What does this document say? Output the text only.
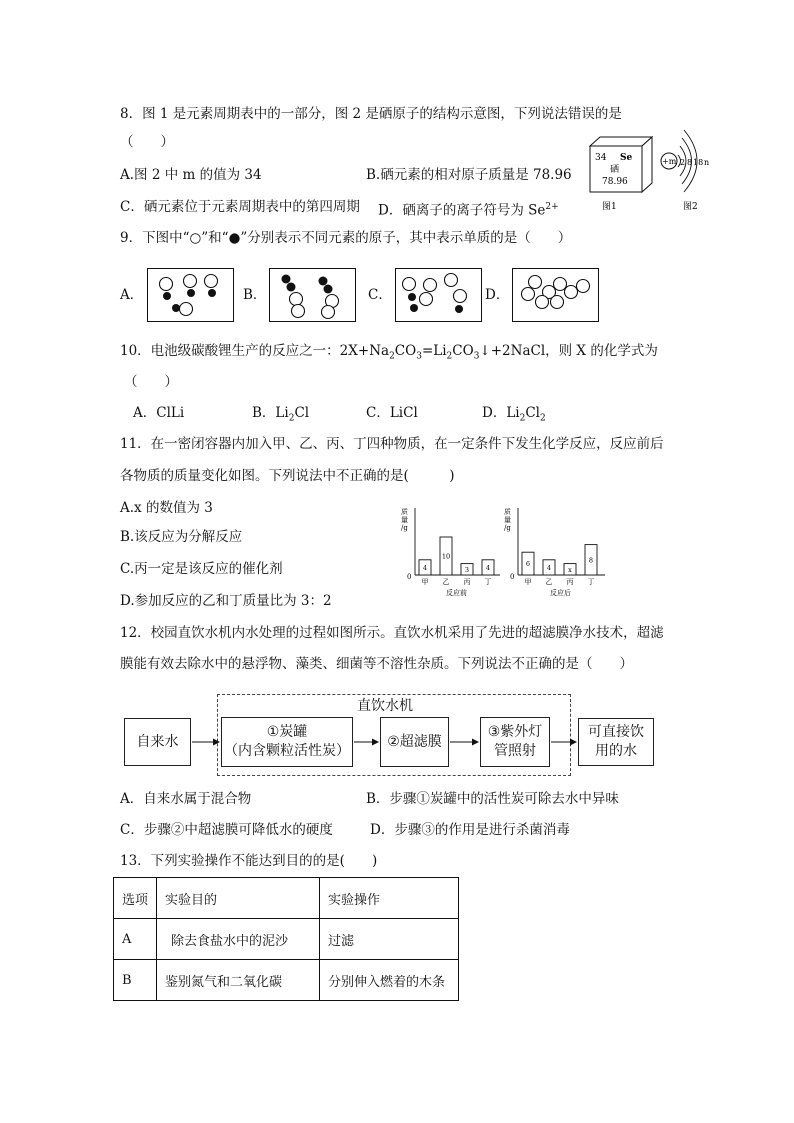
8．图 1 是元素周期表中的一部分，图 2 是硒原子的结构示意图，下列说法错误的是
（　　）
A.图 2 中 m 的值为 34	B.硒元素的相对原子质量是 78.96
C．硒元素位于元素周期表中的第四周期 D．硒离子的离子符号为 $Se^{2+}$
34 Se
硒
78.96
图1
+m 2 8 18 n
图2
9．下图中“○”和“●”分别表示不同元素的原子，其中表示单质的是（　　）
A．	B．	C．	D．
10．电池级碳酸锂生产的反应之一：$2X+Na_2CO_3=Li_2CO_3↓+2NaCl$，则 X 的化学式为
（　　）
A．ClLi	B．$Li_2Cl$	C．LiCl	D．$Li_2Cl_2$
11．在一密闭容器内加入甲、乙、丙、丁四种物质，在一定条件下发生化学反应，反应前后
各物质的质量变化如图。下列说法中不正确的是(　　　)
A.x 的数值为 3
B.该反应为分解反应
C.丙一定是该反应的催化剂
D.参加反应的乙和丁质量比为 3：2
质
量
/g
0
反应前
4
甲
10
乙
3
丙
4
丁
质
量
/g
0
反应后
6
甲
4
乙
x
丙
8
丁
12．校园直饮水机内水处理的过程如图所示。直饮水机采用了先进的超滤膜净水技术，超滤
膜能有效去除水中的悬浮物、藻类、细菌等不溶性杂质。下列说法不正确的是（　　）
直饮水机
自来水
①炭罐
（内含颗粒活性炭）
②超滤膜
③紫外灯
管照射
可直接饮
用的水
A．自来水属于混合物	B．步骤①炭罐中的活性炭可除去水中异味
C．步骤②中超滤膜可降低水的硬度	D．步骤③的作用是进行杀菌消毒
13．下列实验操作不能达到目的的是(　　)
选项	实验目的	实验操作
A	除去食盐水中的泥沙	过滤
B	鉴别氮气和二氧化碳	分别伸入燃着的木条
